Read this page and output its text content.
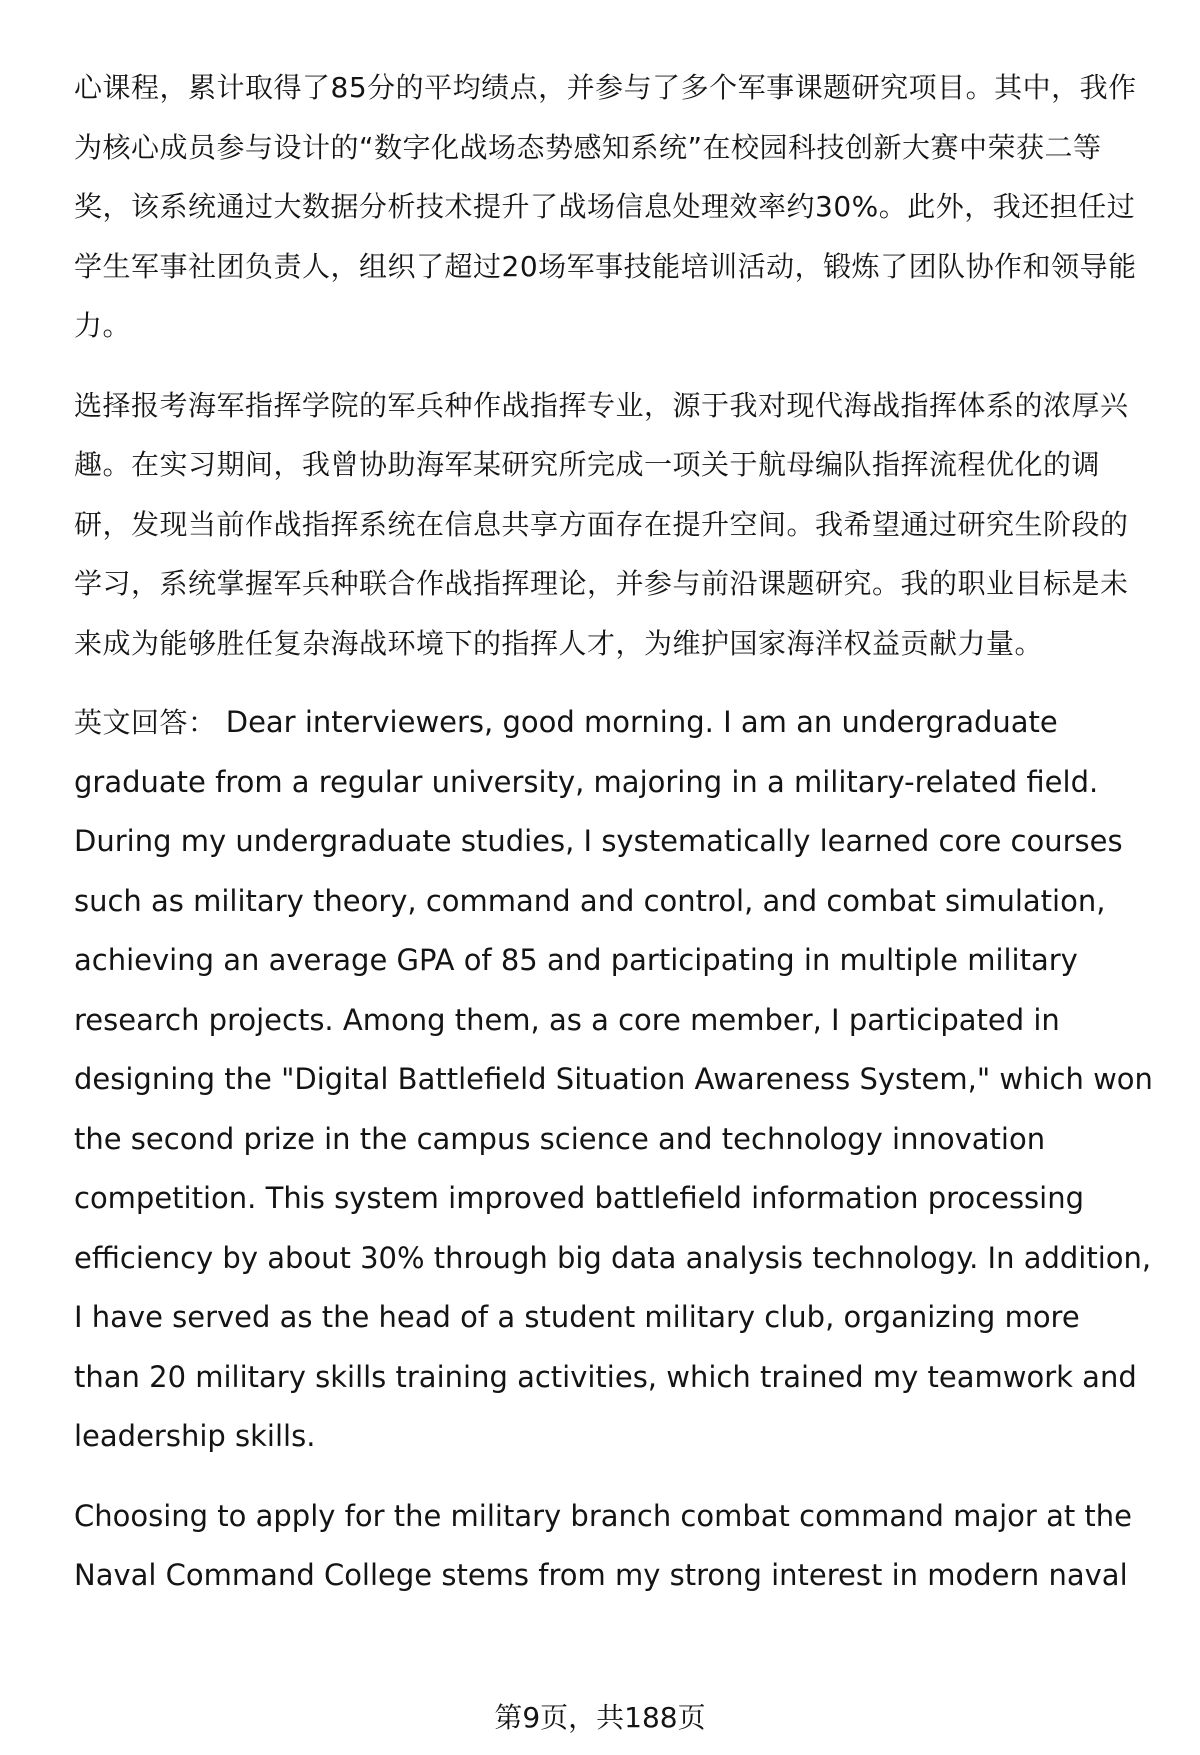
心课程，累计取得了85分的平均绩点，并参与了多个军事课题研究项目。其中，我作为核心成员参与设计的“数字化战场态势感知系统”在校园科技创新大赛中荣获二等奖，该系统通过大数据分析技术提升了战场信息处理效率约30%。此外，我还担任过学生军事社团负责人，组织了超过20场军事技能培训活动，锻炼了团队协作和领导能力。

选择报考海军指挥学院的军兵种作战指挥专业，源于我对现代海战指挥体系的浓厚兴趣。在实习期间，我曾协助海军某研究所完成一项关于航母编队指挥流程优化的调研，发现当前作战指挥系统在信息共享方面存在提升空间。我希望通过研究生阶段的学习，系统掌握军兵种联合作战指挥理论，并参与前沿课题研究。我的职业目标是未来成为能够胜任复杂海战环境下的指挥人才，为维护国家海洋权益贡献力量。

英文回答： Dear interviewers, good morning. I am an undergraduate graduate from a regular university, majoring in a military-related field. During my undergraduate studies, I systematically learned core courses such as military theory, command and control, and combat simulation, achieving an average GPA of 85 and participating in multiple military research projects. Among them, as a core member, I participated in designing the "Digital Battlefield Situation Awareness System," which won the second prize in the campus science and technology innovation competition. This system improved battlefield information processing efficiency by about 30% through big data analysis technology. In addition, I have served as the head of a student military club, organizing more than 20 military skills training activities, which trained my teamwork and leadership skills.

Choosing to apply for the military branch combat command major at the Naval Command College stems from my strong interest in modern naval

第9页，共188页
